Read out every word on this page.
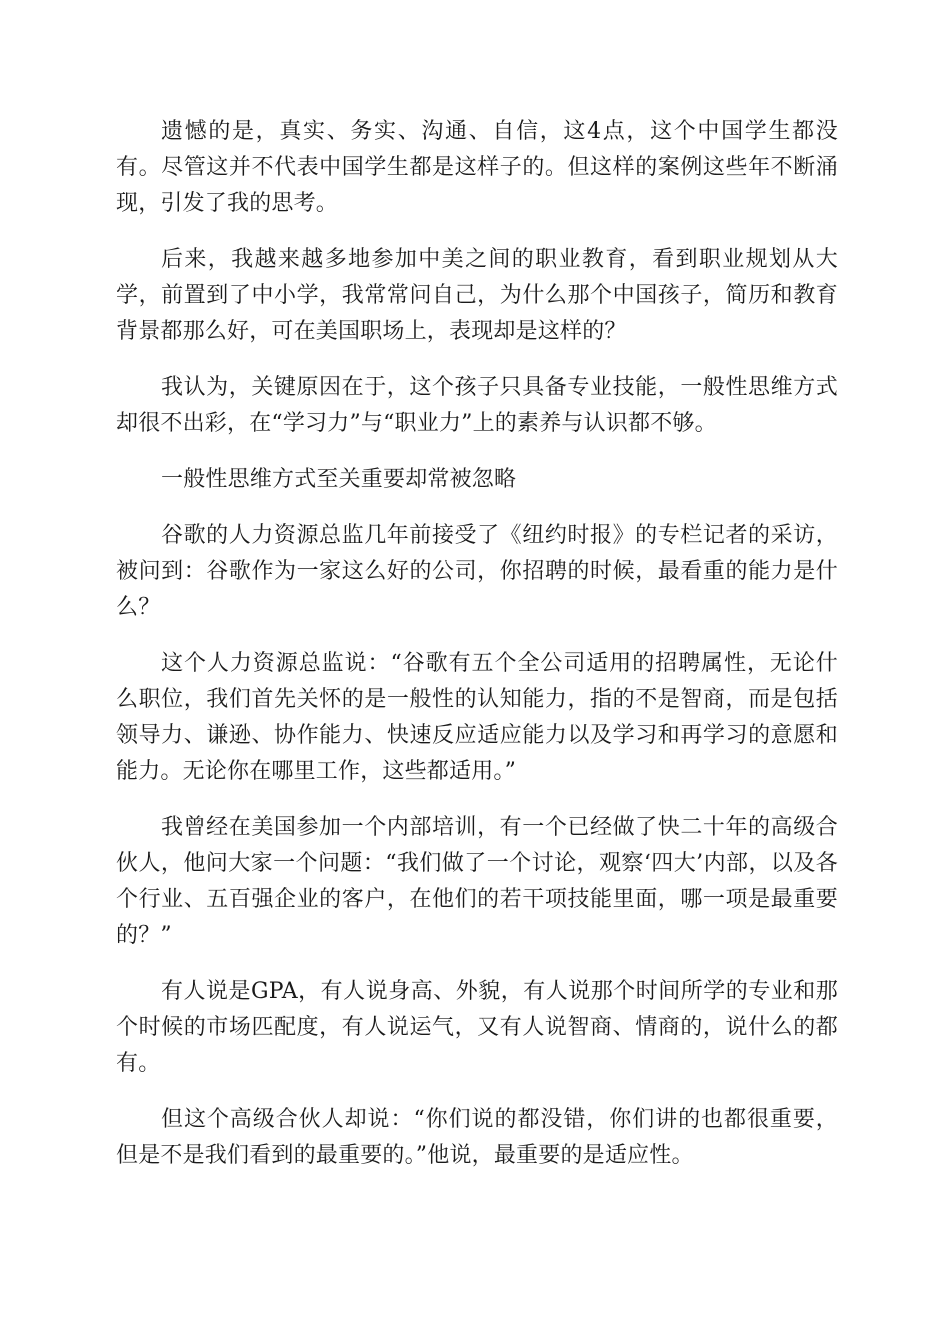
遗憾的是，真实、务实、沟通、自信，这4点，这个中国学生都没有。尽管这并不代表中国学生都是这样子的。但这样的案例这些年不断涌现，引发了我的思考。

后来，我越来越多地参加中美之间的职业教育，看到职业规划从大学，前置到了中小学，我常常问自己，为什么那个中国孩子，简历和教育背景都那么好，可在美国职场上，表现却是这样的？

我认为，关键原因在于，这个孩子只具备专业技能，一般性思维方式却很不出彩，在“学习力”与“职业力”上的素养与认识都不够。

一般性思维方式至关重要却常被忽略

谷歌的人力资源总监几年前接受了《纽约时报》的专栏记者的采访，被问到：谷歌作为一家这么好的公司，你招聘的时候，最看重的能力是什么？

这个人力资源总监说：“谷歌有五个全公司适用的招聘属性，无论什么职位，我们首先关怀的是一般性的认知能力，指的不是智商，而是包括领导力、谦逊、协作能力、快速反应适应能力以及学习和再学习的意愿和能力。无论你在哪里工作，这些都适用。”

我曾经在美国参加一个内部培训，有一个已经做了快二十年的高级合伙人，他问大家一个问题：“我们做了一个讨论，观察‘四大’内部，以及各个行业、五百强企业的客户，在他们的若干项技能里面，哪一项是最重要的？”

有人说是GPA，有人说身高、外貌，有人说那个时间所学的专业和那个时候的市场匹配度，有人说运气，又有人说智商、情商的，说什么的都有。

但这个高级合伙人却说：“你们说的都没错，你们讲的也都很重要，但是不是我们看到的最重要的。”他说，最重要的是适应性。
